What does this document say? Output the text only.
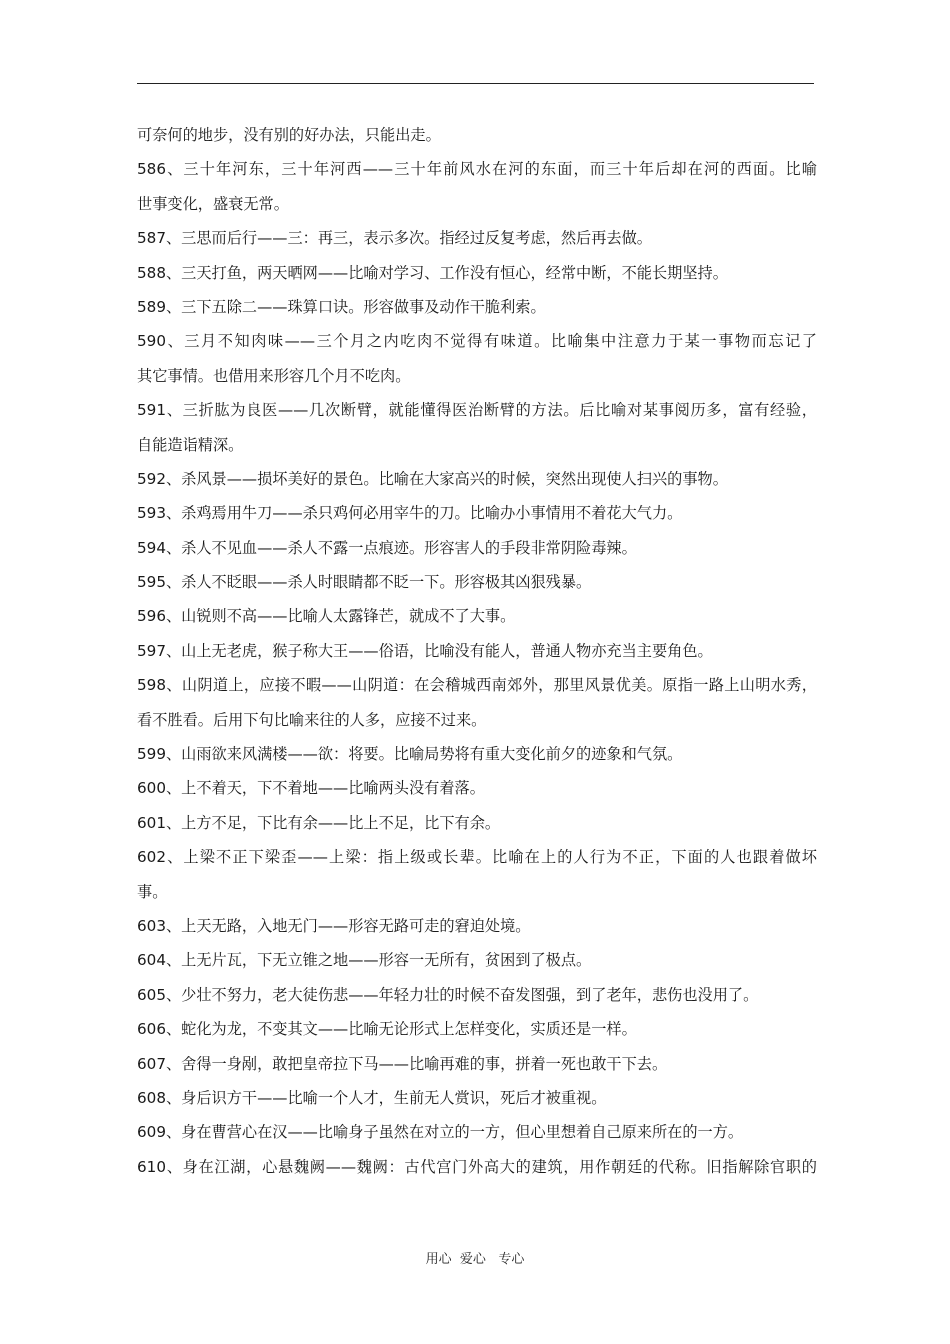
可奈何的地步，没有别的好办法，只能出走。
586、三十年河东，三十年河西——三十年前风水在河的东面，而三十年后却在河的西面。比喻
世事变化，盛衰无常。
587、三思而后行——三：再三，表示多次。指经过反复考虑，然后再去做。
588、三天打鱼，两天晒网——比喻对学习、工作没有恒心，经常中断，不能长期坚持。
589、三下五除二——珠算口诀。形容做事及动作干脆利索。
590、三月不知肉味——三个月之内吃肉不觉得有味道。比喻集中注意力于某一事物而忘记了
其它事情。也借用来形容几个月不吃肉。
591、三折肱为良医——几次断臂，就能懂得医治断臂的方法。后比喻对某事阅历多，富有经验，
自能造诣精深。
592、杀风景——损坏美好的景色。比喻在大家高兴的时候，突然出现使人扫兴的事物。
593、杀鸡焉用牛刀——杀只鸡何必用宰牛的刀。比喻办小事情用不着花大气力。
594、杀人不见血——杀人不露一点痕迹。形容害人的手段非常阴险毒辣。
595、杀人不眨眼——杀人时眼睛都不眨一下。形容极其凶狠残暴。
596、山锐则不高——比喻人太露锋芒，就成不了大事。
597、山上无老虎，猴子称大王——俗语，比喻没有能人，普通人物亦充当主要角色。
598、山阴道上，应接不暇——山阴道：在会稽城西南郊外，那里风景优美。原指一路上山明水秀，
看不胜看。后用下句比喻来往的人多，应接不过来。
599、山雨欲来风满楼——欲：将要。比喻局势将有重大变化前夕的迹象和气氛。
600、上不着天，下不着地——比喻两头没有着落。
601、上方不足，下比有余——比上不足，比下有余。
602、上梁不正下梁歪——上梁：指上级或长辈。比喻在上的人行为不正，下面的人也跟着做坏
事。
603、上天无路，入地无门——形容无路可走的窘迫处境。
604、上无片瓦，下无立锥之地——形容一无所有，贫困到了极点。
605、少壮不努力，老大徒伤悲——年轻力壮的时候不奋发图强，到了老年，悲伤也没用了。
606、蛇化为龙，不变其文——比喻无论形式上怎样变化，实质还是一样。
607、舍得一身剐，敢把皇帝拉下马——比喻再难的事，拼着一死也敢干下去。
608、身后识方干——比喻一个人才，生前无人赏识，死后才被重视。
609、身在曹营心在汉——比喻身子虽然在对立的一方，但心里想着自己原来所在的一方。
610、身在江湖，心悬魏阙——魏阙：古代宫门外高大的建筑，用作朝廷的代称。旧指解除官职的
用心  爱心   专心
